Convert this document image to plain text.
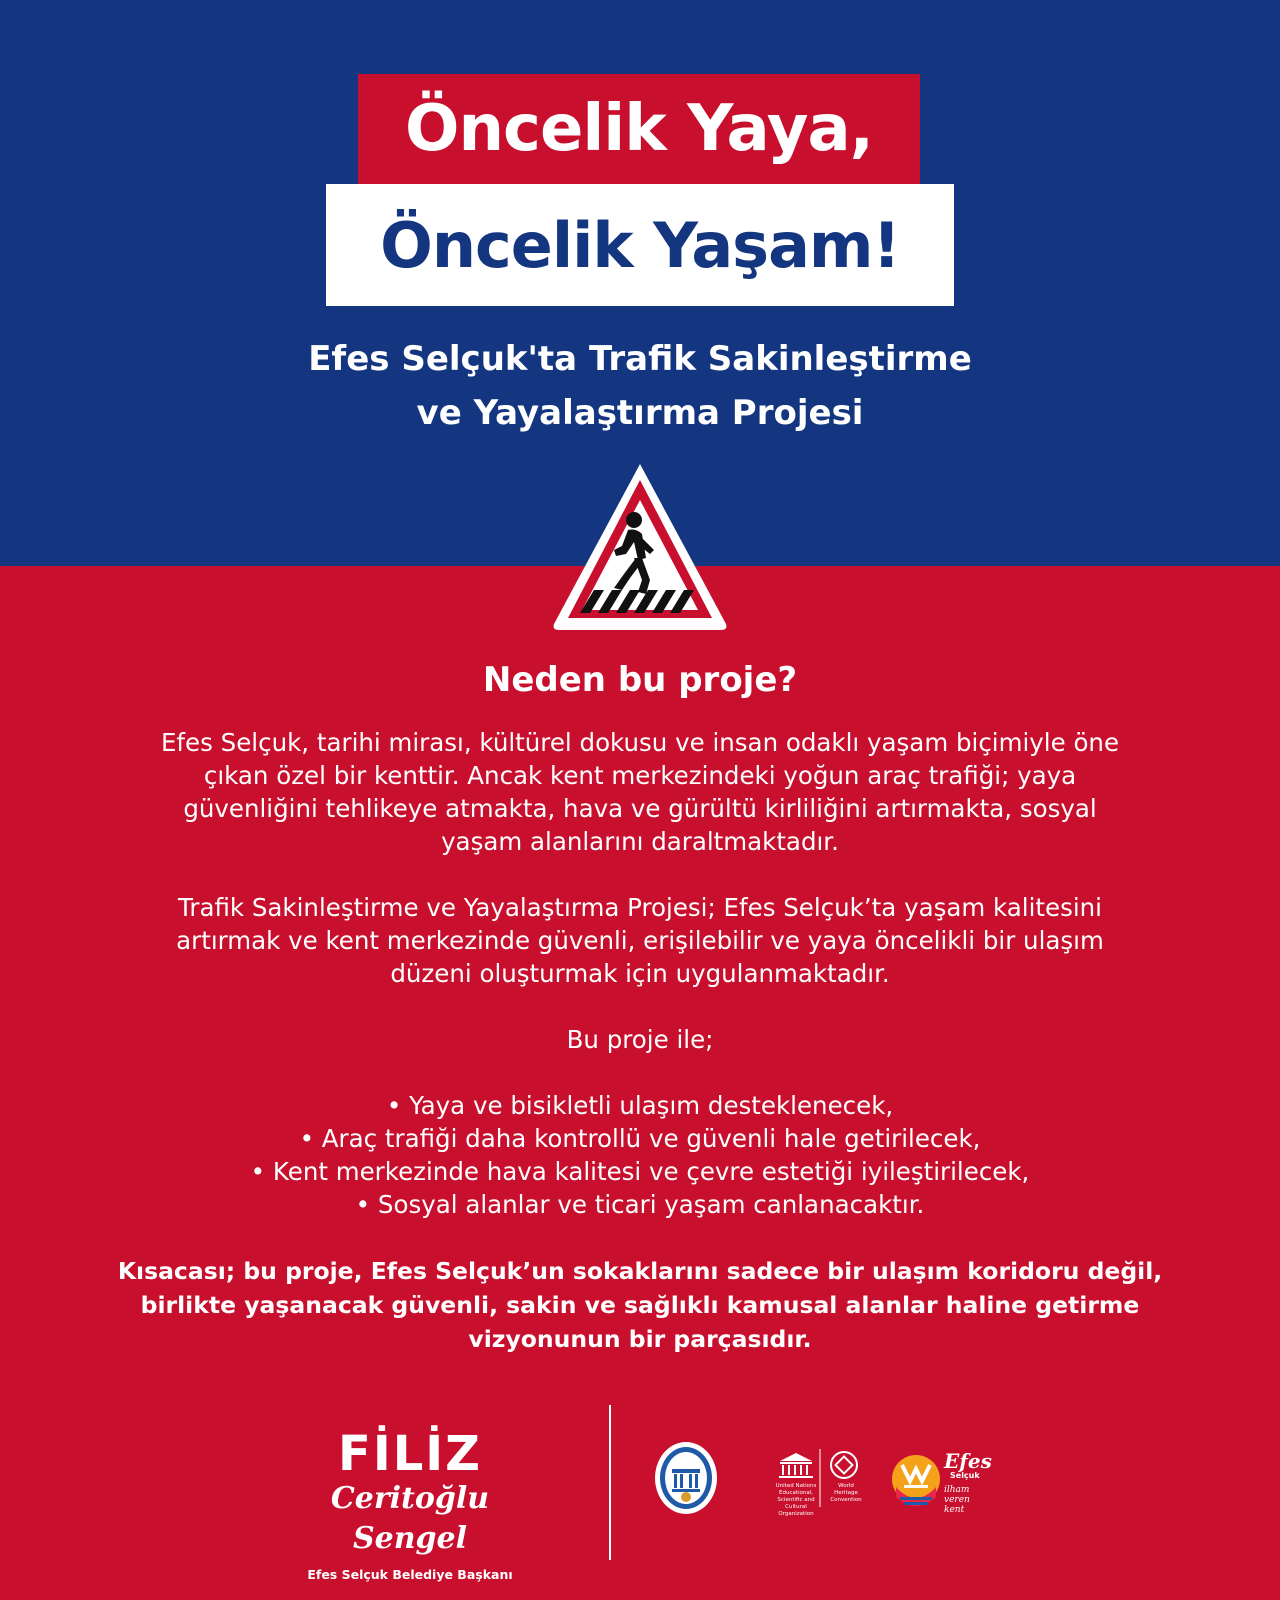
Öncelik Yaya,
Öncelik Yaşam!
Efes Selçuk'ta Trafik Sakinleştirme
ve Yayalaştırma Projesi
Neden bu proje?

Efes Selçuk, tarihi mirası, kültürel dokusu ve insan odaklı yaşam biçimiyle öne
çıkan özel bir kenttir. Ancak kent merkezindeki yoğun araç trafiği; yaya
güvenliğini tehlikeye atmakta, hava ve gürültü kirliliğini artırmakta, sosyal
yaşam alanlarını daraltmaktadır.

Trafik Sakinleştirme ve Yayalaştırma Projesi; Efes Selçuk’ta yaşam kalitesini
artırmak ve kent merkezinde güvenli, erişilebilir ve yaya öncelikli bir ulaşım
düzeni oluşturmak için uygulanmaktadır.

Bu proje ile;

• Yaya ve bisikletli ulaşım desteklenecek,
• Araç trafiği daha kontrollü ve güvenli hale getirilecek,
• Kent merkezinde hava kalitesi ve çevre estetiği iyileştirilecek,
• Sosyal alanlar ve ticari yaşam canlanacaktır.
Kısacası; bu proje, Efes Selçuk’un sokaklarını sadece bir ulaşım koridoru değil,
birlikte yaşanacak güvenli, sakin ve sağlıklı kamusal alanlar haline getirme
vizyonunun bir parçasıdır.
FİLİZ
Ceritoğlu Sengel
Efes Selçuk Belediye Başkanı
United Nations Educational, Scientific and Cultural Organization
World Heritage Convention
Efes
Selçuk
ilham veren kent
